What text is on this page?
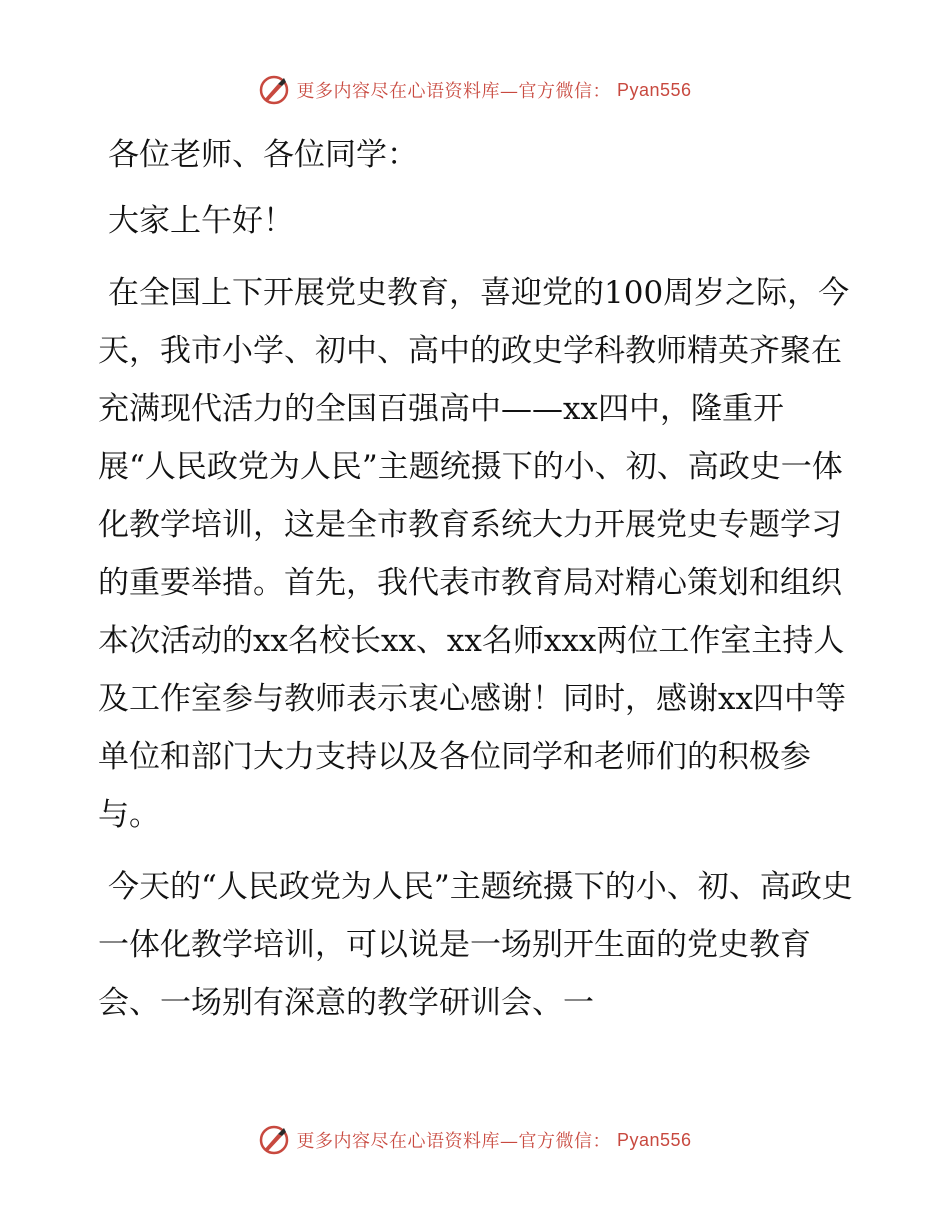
更多内容尽在心语资料库—官方微信： Pyan556

各位老师、各位同学：

大家上午好！

在全国上下开展党史教育，喜迎党的100周岁之际，今天，我市小学、初中、高中的政史学科教师精英齐聚在充满现代活力的全国百强高中——xx四中，隆重开展“人民政党为人民”主题统摄下的小、初、高政史一体化教学培训，这是全市教育系统大力开展党史专题学习的重要举措。首先，我代表市教育局对精心策划和组织本次活动的xx名校长xx、xx名师xxx两位工作室主持人及工作室参与教师表示衷心感谢！同时，感谢xx四中等单位和部门大力支持以及各位同学和老师们的积极参与。

今天的“人民政党为人民”主题统摄下的小、初、高政史一体化教学培训，可以说是一场别开生面的党史教育会、一场别有深意的教学研训会、一

更多内容尽在心语资料库—官方微信： Pyan556
